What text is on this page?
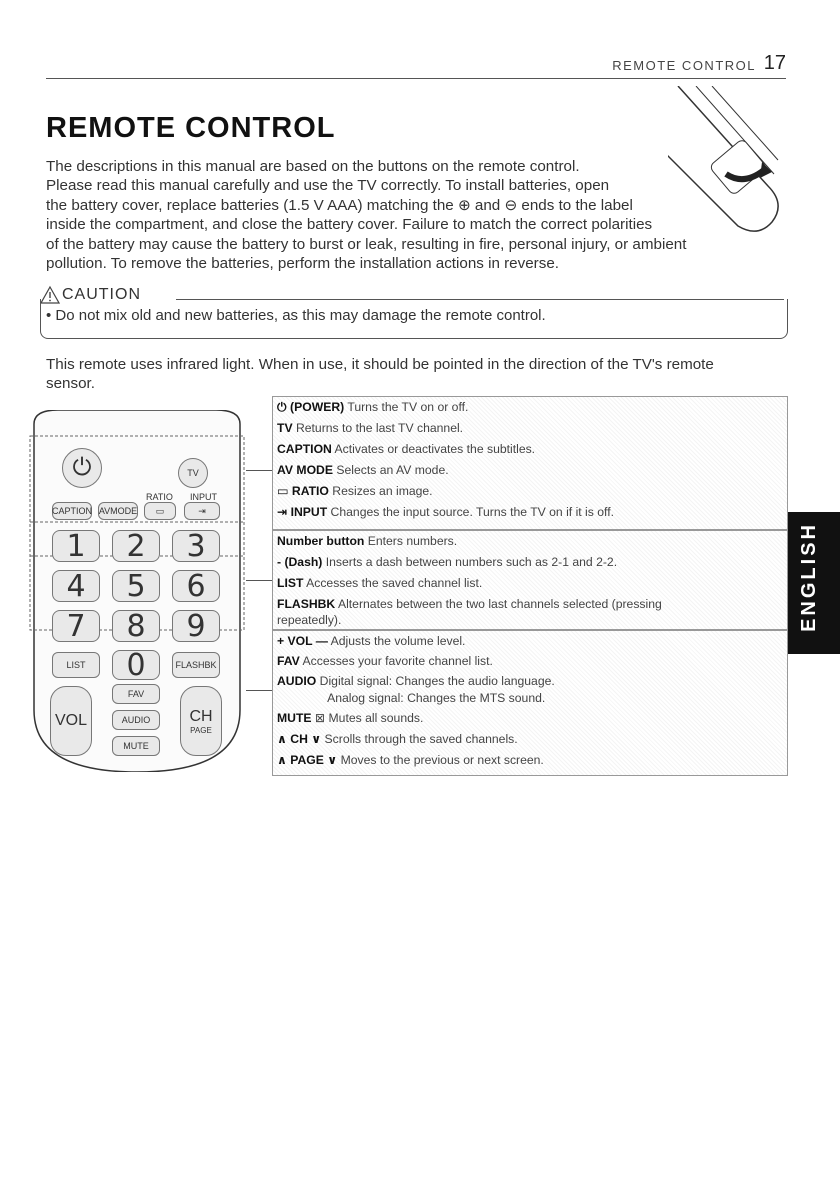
REMOTE CONTROL 17
REMOTE CONTROL
The descriptions in this manual are based on the buttons on the remote control.
Please read this manual carefully and use the TV correctly. To install batteries, open
the battery cover, replace batteries (1.5 V AAA) matching the ⊕ and ⊖ ends to the label
inside the compartment, and close the battery cover. Failure to match the correct polarities
of the battery may cause the battery to burst or leak, resulting in fire, personal injury, or ambient
pollution. To remove the batteries, perform the installation actions in reverse.
CAUTION
• Do not mix old and new batteries, as this may damage the remote control.
This remote uses infrared light. When in use, it should be pointed in the direction of the TV's remote
sensor.
⏻	TV
RATIO INPUT
CAPTION AVMODE	▭	⇥
1 2 3
4 5 6
7 8 9
LIST 0	FLASHBK
VOL
FAV
AUDIO
MUTE
CH
PAGE
⏻ (POWER) Turns the TV on or off.
TV Returns to the last TV channel.
CAPTION Activates or deactivates the subtitles.
AV MODE Selects an AV mode.
▭ RATIO Resizes an image.
⇥ INPUT Changes the input source. Turns the TV on if it is off.
Number button Enters numbers.
- (Dash) Inserts a dash between numbers such as 2-1 and 2-2.
LIST Accesses the saved channel list.
FLASHBK Alternates between the two last channels selected (pressing
repeatedly).
+ VOL — Adjusts the volume level.
FAV Accesses your favorite channel list.
AUDIO Digital signal: Changes the audio language.
Analog signal: Changes the MTS sound.
MUTE ⊠ Mutes all sounds.
∧ CH ∨ Scrolls through the saved channels.
∧ PAGE ∨ Moves to the previous or next screen.
ENGLISH
